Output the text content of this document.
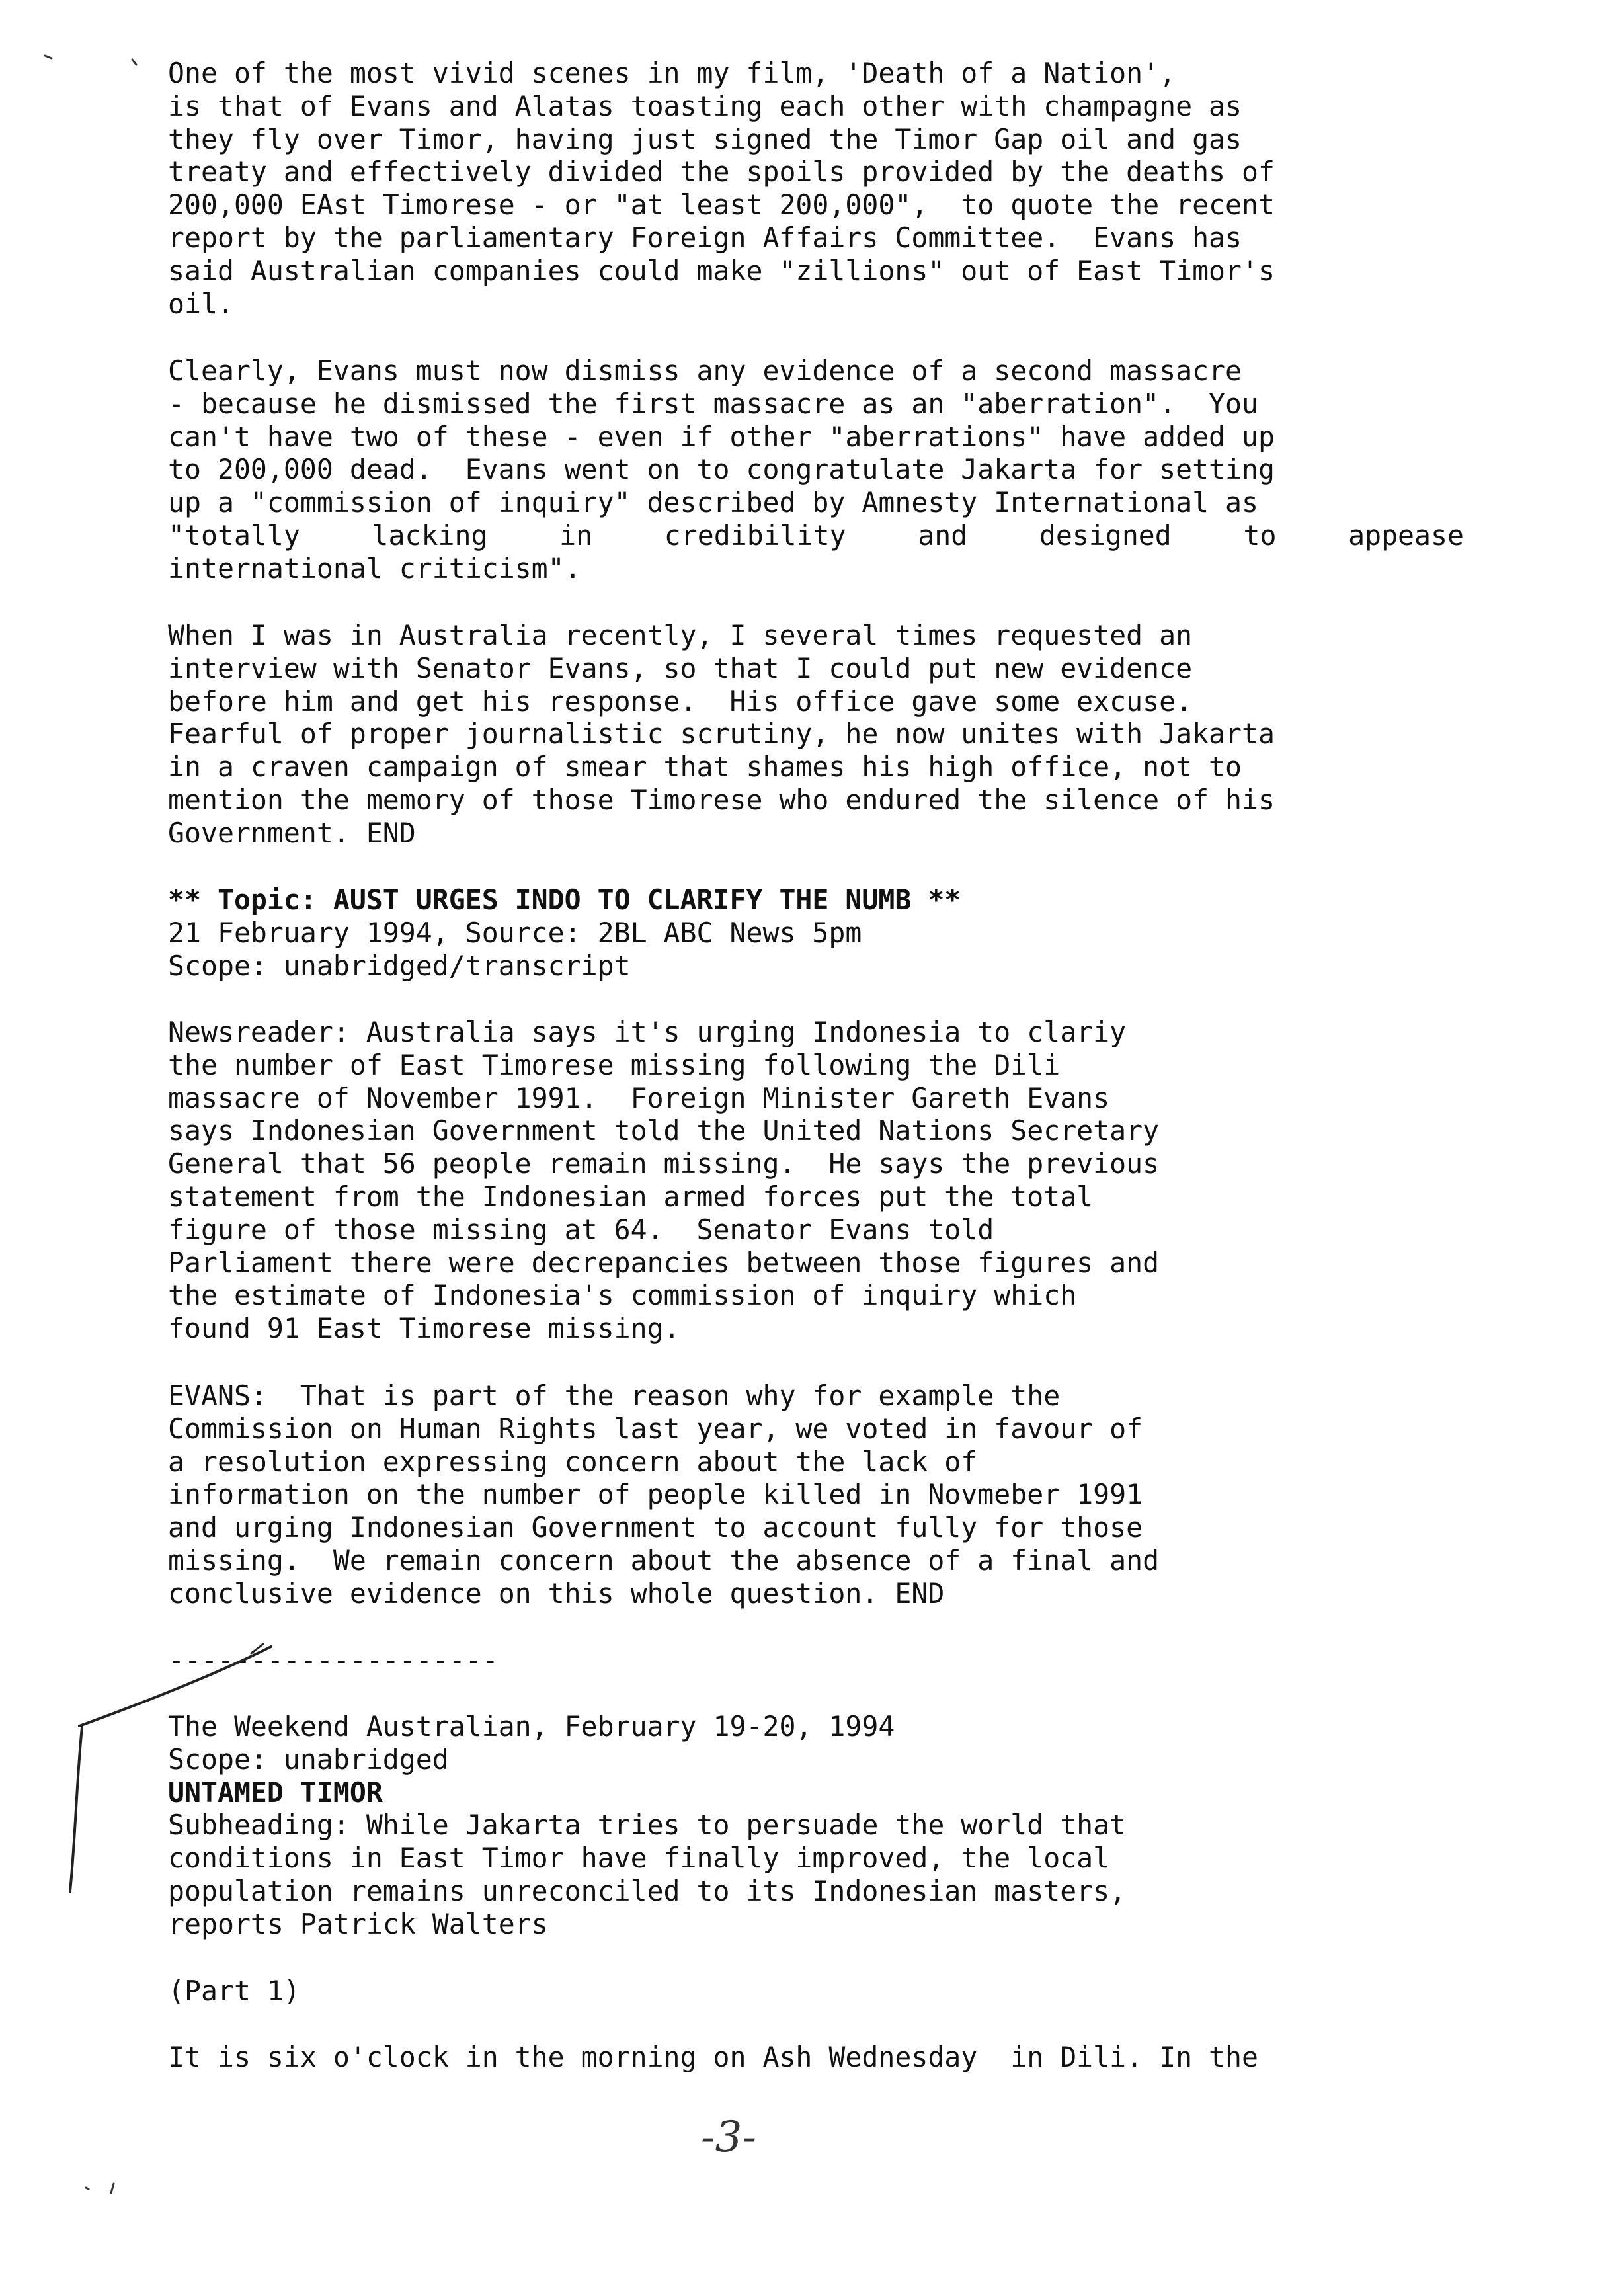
One of the most vivid scenes in my film, 'Death of a Nation',
is that of Evans and Alatas toasting each other with champagne as
they fly over Timor, having just signed the Timor Gap oil and gas
treaty and effectively divided the spoils provided by the deaths of
200,000 EAst Timorese - or "at least 200,000",  to quote the recent
report by the parliamentary Foreign Affairs Committee.  Evans has
said Australian companies could make "zillions" out of East Timor's
oil.
Clearly, Evans must now dismiss any evidence of a second massacre
- because he dismissed the first massacre as an "aberration".  You
can't have two of these - even if other "aberrations" have added up
to 200,000 dead.  Evans went on to congratulate Jakarta for setting
up a "commission of inquiry" described by Amnesty International as
"totally lacking in credibility and designed to appease
international criticism".
When I was in Australia recently, I several times requested an
interview with Senator Evans, so that I could put new evidence
before him and get his response.  His office gave some excuse.
Fearful of proper journalistic scrutiny, he now unites with Jakarta
in a craven campaign of smear that shames his high office, not to
mention the memory of those Timorese who endured the silence of his
Government. END
** Topic: AUST URGES INDO TO CLARIFY THE NUMB **
21 February 1994, Source: 2BL ABC News 5pm
Scope: unabridged/transcript
Newsreader: Australia says it's urging Indonesia to clariy
the number of East Timorese missing following the Dili
massacre of November 1991.  Foreign Minister Gareth Evans
says Indonesian Government told the United Nations Secretary
General that 56 people remain missing.  He says the previous
statement from the Indonesian armed forces put the total
figure of those missing at 64.  Senator Evans told
Parliament there were decrepancies between those figures and
the estimate of Indonesia's commission of inquiry which
found 91 East Timorese missing.
EVANS:  That is part of the reason why for example the
Commission on Human Rights last year, we voted in favour of
a resolution expressing concern about the lack of
information on the number of people killed in Novmeber 1991
and urging Indonesian Government to account fully for those
missing.  We remain concern about the absence of a final and
conclusive evidence on this whole question. END
--------------------
The Weekend Australian, February 19-20, 1994
Scope: unabridged
UNTAMED TIMOR
Subheading: While Jakarta tries to persuade the world that
conditions in East Timor have finally improved, the local
population remains unreconciled to its Indonesian masters,
reports Patrick Walters
(Part 1)
It is six o'clock in the morning on Ash Wednesday  in Dili. In the
-3-
